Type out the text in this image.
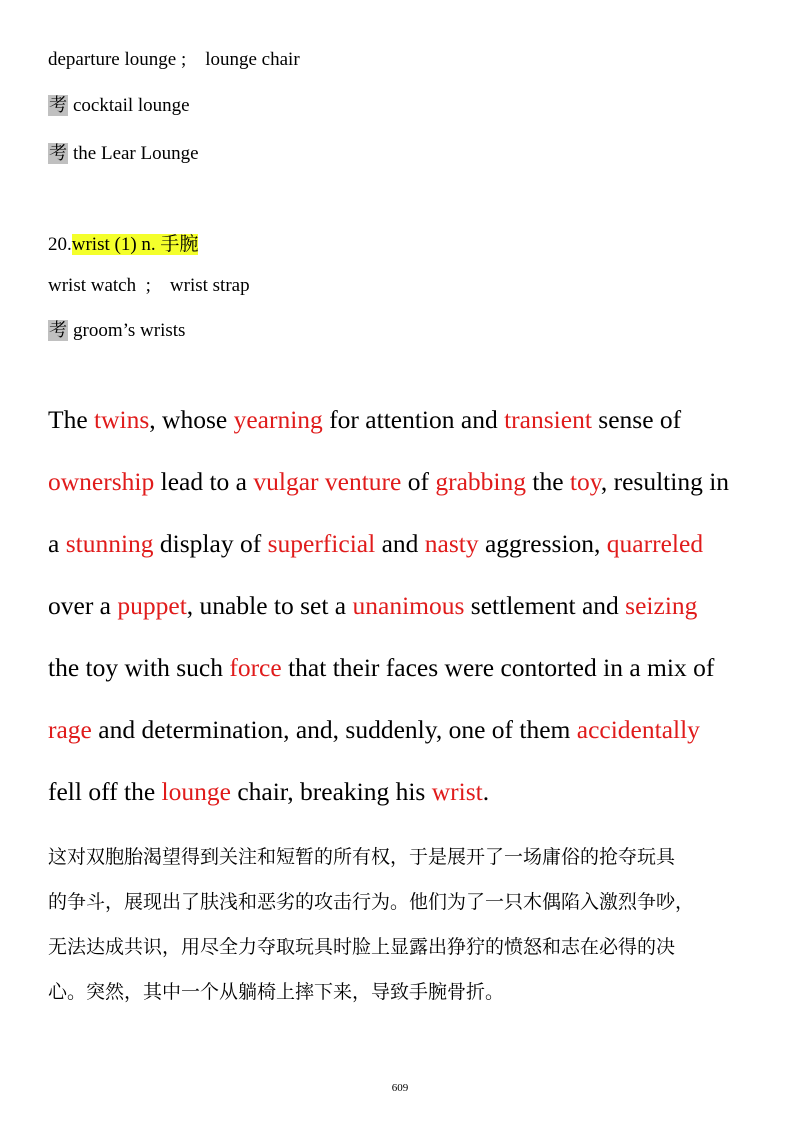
departure lounge ;    lounge chair
考 cocktail lounge
考 the Lear Lounge
20.wrist (1) n. 手腕
wrist watch  ;    wrist strap
考 groom’s wrists
The twins, whose yearning for attention and transient sense of
ownership lead to a vulgar venture of grabbing the toy, resulting in
a stunning display of superficial and nasty aggression, quarreled
over a puppet, unable to set a unanimous settlement and seizing
the toy with such force that their faces were contorted in a mix of
rage and determination, and, suddenly, one of them accidentally
fell off the lounge chair, breaking his wrist.
这对双胞胎渴望得到关注和短暂的所有权，于是展开了一场庸俗的抢夺玩具
的争斗，展现出了肤浅和恶劣的攻击行为。他们为了一只木偶陷入激烈争吵，
无法达成共识，用尽全力夺取玩具时脸上显露出狰狞的愤怒和志在必得的决
心。突然，其中一个从躺椅上摔下来，导致手腕骨折。
609
